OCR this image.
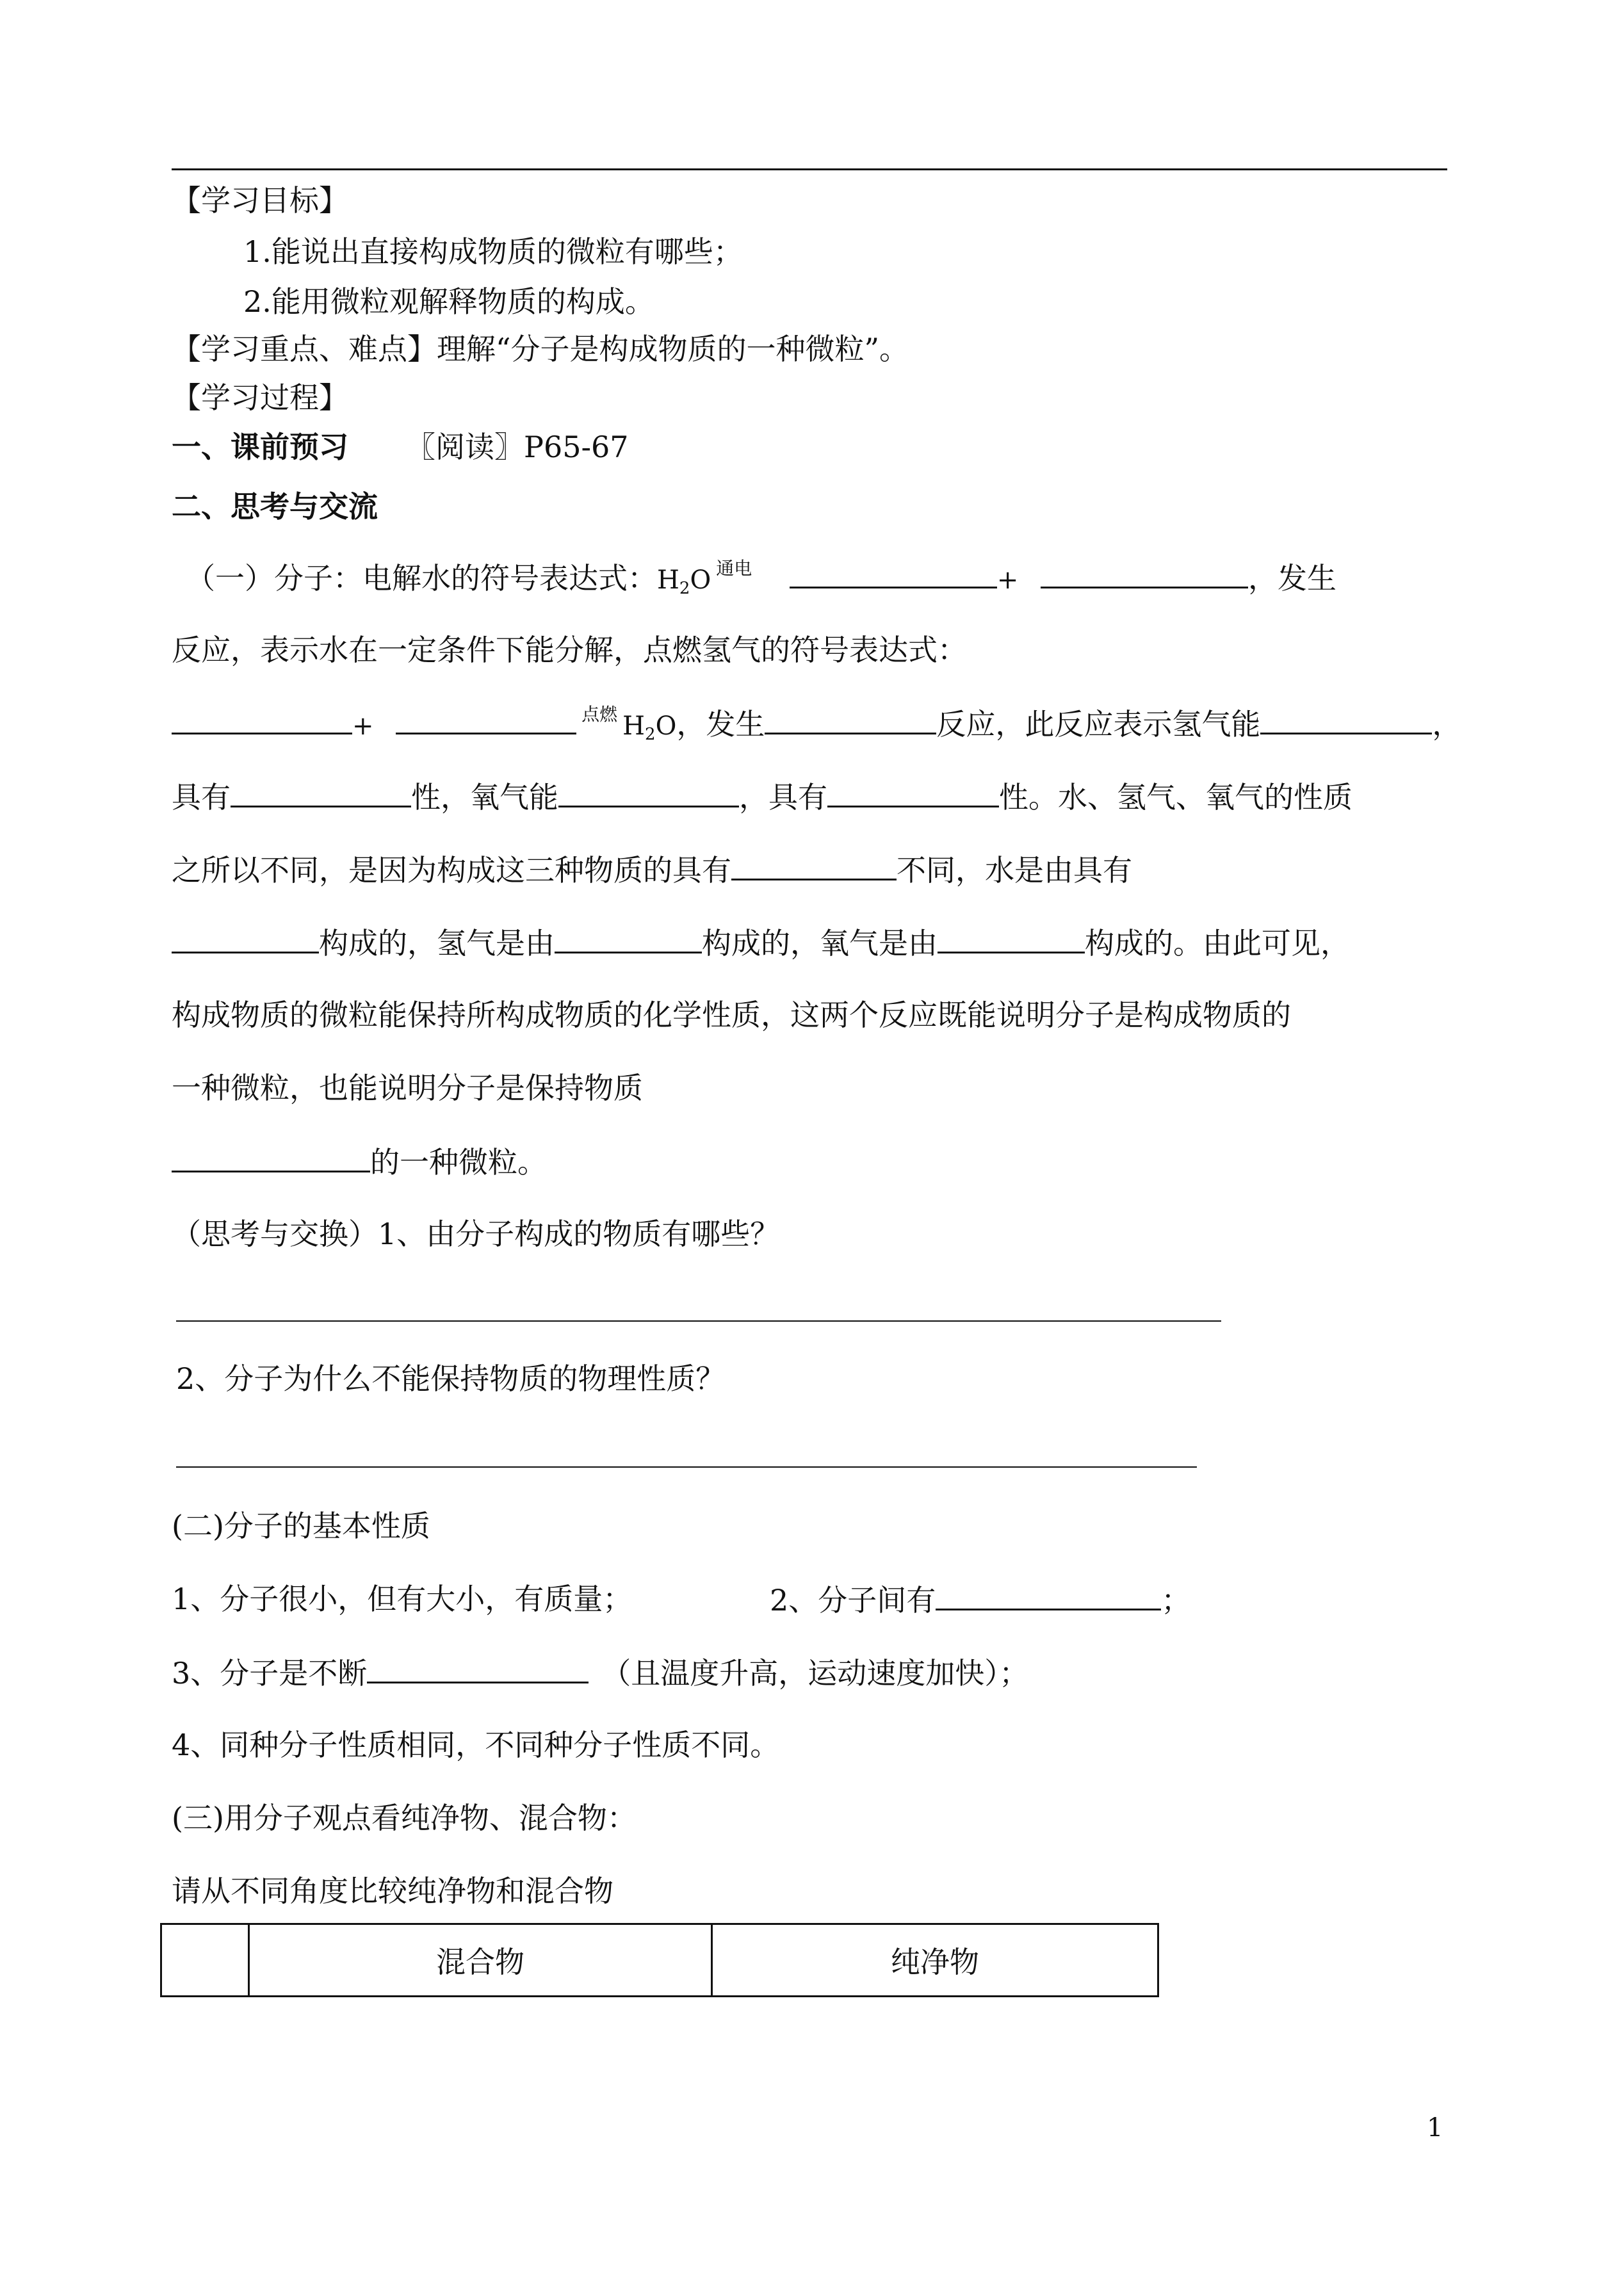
【学习目标】
1.能说出直接构成物质的微粒有哪些；
2.能用微粒观解释物质的构成。
【学习重点、难点】理解“分子是构成物质的一种微粒”。
【学习过程】
一、课前预习 〖阅读〗P65-67
二、思考与交流
（一）分子：电解水的符号表达式：H2O $^{通电}$	+	，发生
反应，表示水在一定条件下能分解，点燃氢气的符号表达式：
+	$^{点燃}$ H2O，发生	反应，此反应表示氢气能	，
具有	性，氧气能	，具有	性。水、氢气、氧气的性质
之所以不同，是因为构成这三种物质的具有	不同，水是由具有
构成的，氢气是由	构成的，氧气是由	构成的。由此可见，
构成物质的微粒能保持所构成物质的化学性质，这两个反应既能说明分子是构成物质的
一种微粒，也能说明分子是保持物质
的一种微粒。
（思考与交换）1、由分子构成的物质有哪些？
2、分子为什么不能保持物质的物理性质？
(二)分子的基本性质
1、分子很小，但有大小，有质量；	2、分子间有	；
3、分子是不断	（且温度升高，运动速度加快）；
4、同种分子性质相同，不同种分子性质不同。
(三)用分子观点看纯净物、混合物：
请从不同角度比较纯净物和混合物
	混合物	纯净物
1
